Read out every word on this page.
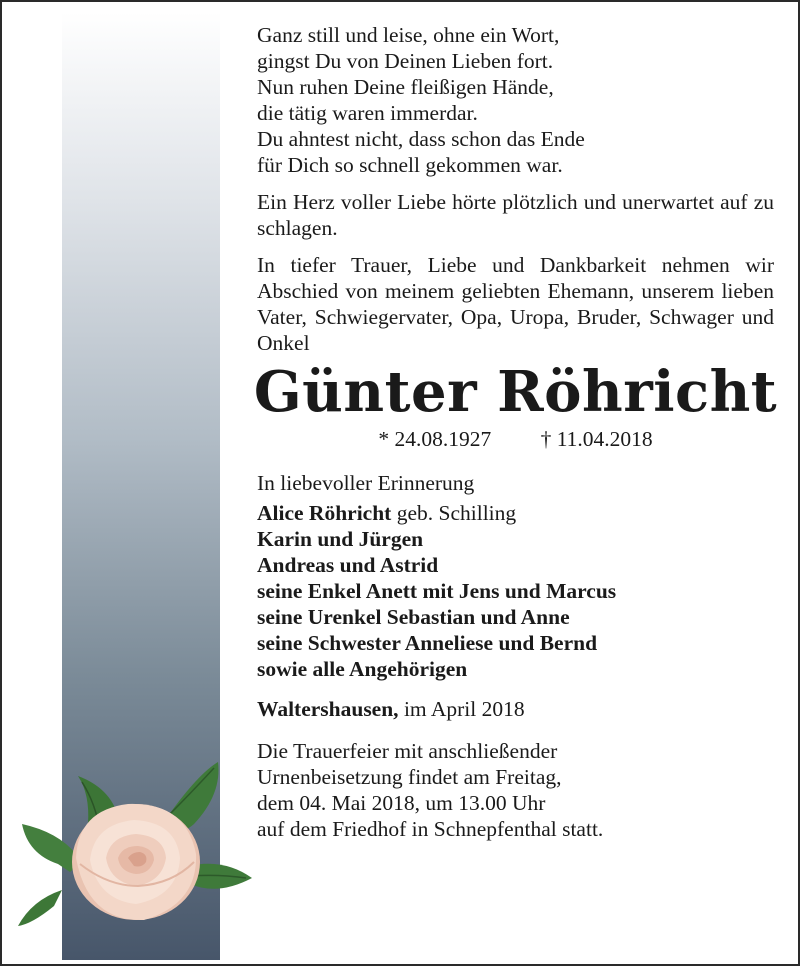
Ganz still und leise, ohne ein Wort,
gingst Du von Deinen Lieben fort.
Nun ruhen Deine fleißigen Hände,
die tätig waren immerdar.
Du ahntest nicht, dass schon das Ende
für Dich so schnell gekommen war.

Ein Herz voller Liebe hörte plötzlich und unerwartet auf zu schlagen.

In tiefer Trauer, Liebe und Dankbarkeit nehmen wir Abschied von meinem geliebten Ehemann, unserem lieben Vater, Schwiegervater, Opa, Uropa, Bruder, Schwager und Onkel

Günter Röhricht
* 24.08.1927 † 11.04.2018
In liebevoller Erinnerung
Alice Röhricht geb. Schilling
Karin und Jürgen
Andreas und Astrid
seine Enkel Anett mit Jens und Marcus
seine Urenkel Sebastian und Anne
seine Schwester Anneliese und Bernd
sowie alle Angehörigen

Waltershausen, im April 2018

Die Trauerfeier mit anschließender
Urnenbeisetzung findet am Freitag,
dem 04. Mai 2018, um 13.00 Uhr
auf dem Friedhof in Schnepfenthal statt.
